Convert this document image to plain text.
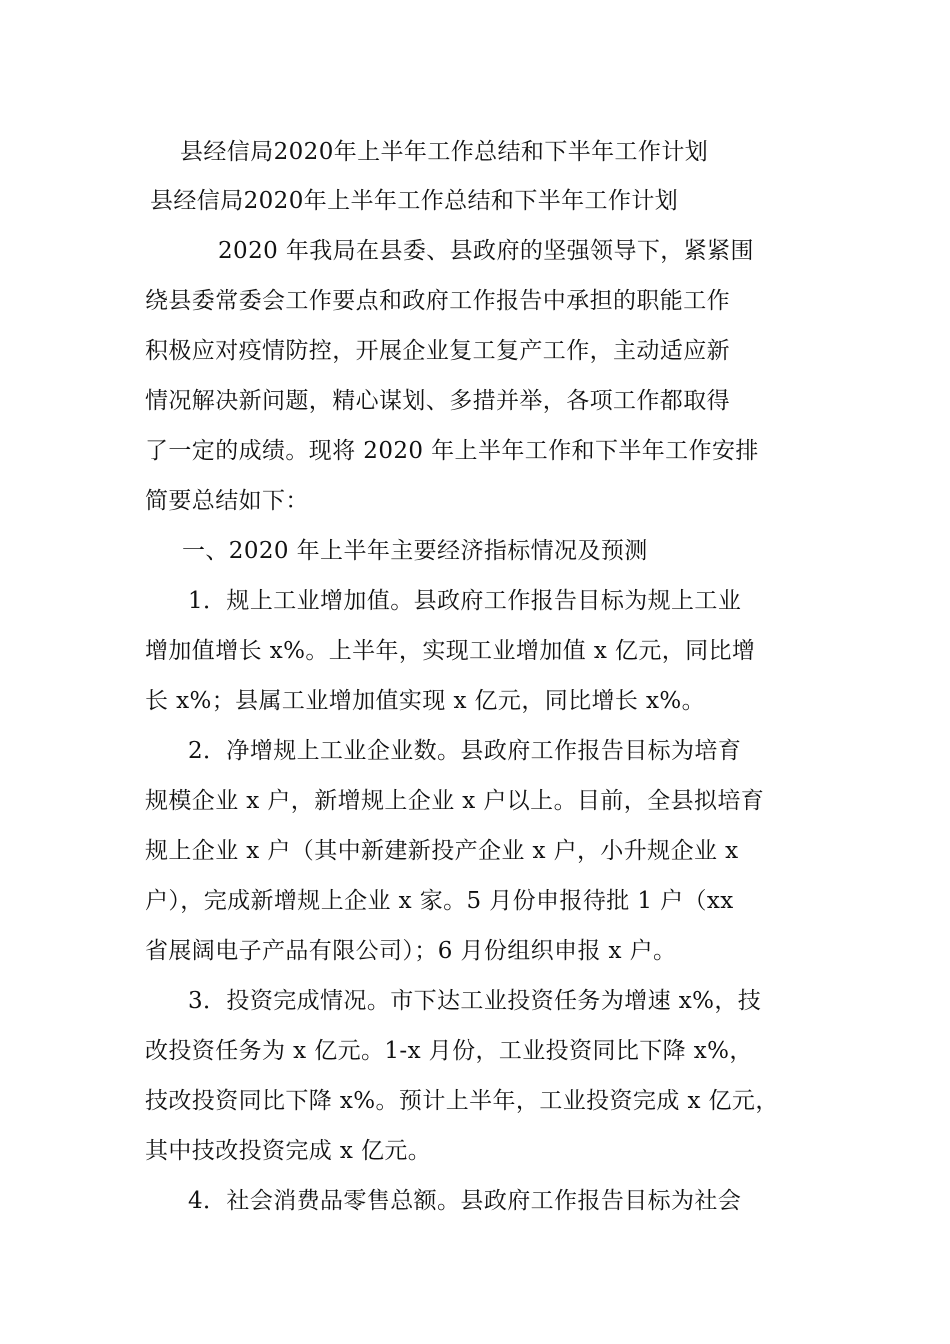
县经信局2020年上半年工作总结和下半年工作计划
县经信局2020年上半年工作总结和下半年工作计划
2020 年我局在县委、县政府的坚强领导下，紧紧围
绕县委常委会工作要点和政府工作报告中承担的职能工作
积极应对疫情防控，开展企业复工复产工作，主动适应新
情况解决新问题，精心谋划、多措并举，各项工作都取得
了一定的成绩。现将 2020 年上半年工作和下半年工作安排
简要总结如下：
一、2020 年上半年主要经济指标情况及预测
1．规上工业增加值。县政府工作报告目标为规上工业
增加值增长 x%。上半年，实现工业增加值 x 亿元，同比增
长 x%；县属工业增加值实现 x 亿元，同比增长 x%。
2．净增规上工业企业数。县政府工作报告目标为培育
规模企业 x 户，新增规上企业 x 户以上。目前，全县拟培育
规上企业 x 户（其中新建新投产企业 x 户，小升规企业 x
户），完成新增规上企业 x 家。5 月份申报待批 1 户（xx
省展阔电子产品有限公司）；6 月份组织申报 x 户。
3．投资完成情况。市下达工业投资任务为增速 x%，技
改投资任务为 x 亿元。1-x 月份，工业投资同比下降 x%，
技改投资同比下降 x%。预计上半年，工业投资完成 x 亿元，
其中技改投资完成 x 亿元。
4．社会消费品零售总额。县政府工作报告目标为社会
